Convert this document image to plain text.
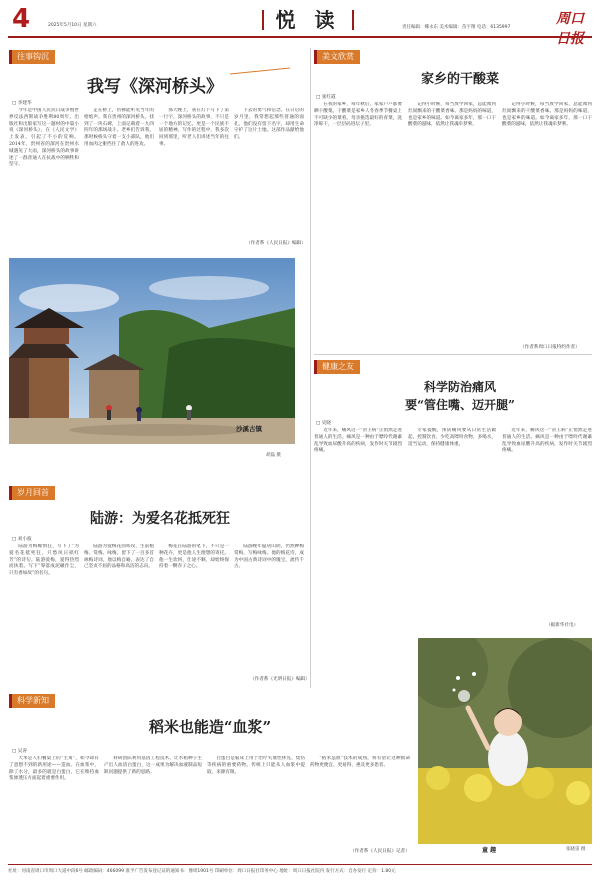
4	2025年5月10日 星期六	悦 读	责任编辑：娜永东 美术编辑：苗宇翔 电话：6135997
周口日报
往事钩沉
我写《深河桥头》
□ 李建华

今年是中国人民抗日战争暨世界反法西斯战争胜利80周年。出版社和出版家写这一题材的中篇小说《深河桥头》，在《人民文学》上发表，引起了不小的反响。2014年，贵州省的深河在贵州水城遇见了大雨，深河桥头的故事讲述了一群普通人在抗战中的牺牲和坚守。

走在桥上，仿佛能听见当年的枪炮声。我在贵州的深河桥头，找到了一块石碑，上面记载着一九四四年的那场战斗。老乡们告诉我，那时候桥头守着一支小部队，他们用血肉之躯挡住了敌人的进攻。

那天晚上，我在灯下写下了第一行字。深河桥头的故事，不只是一个地方的记忆，更是一个民族不屈的精神。写作的过程中，我多次回到那里，听老人们讲述当年的往事。

下去的勇气和信念。在日后的岁月里，我常想起那些普通的面孔，他们没有留下名字，却用生命守护了这片土地。这部作品献给他们。

（作者系《人民日报》编辑）
沙溪古镇
胡磊 摄
岁月回首
陆游：为爱名花抵死狂
□ 刘小波

陆游为梅痴情狂，写下了“为爱名花抵死狂，只愁风日损红芳”的诗句。陆游爱梅，爱得热烈而执着。写下“零落成泥碾作尘，只有香如故”的名句。

陆游为爱梅花而嗟叹，生前植梅、赏梅、咏梅，留下了一百多首咏梅诗词。他以梅自喻，表达了自己坚贞不屈的品格和高洁的志向。

梅花在陆游的笔下，不只是一种花卉，更是他人生理想的寄托。他一生坎坷，仕途不顺，却始终保持着一颗赤子之心。

陆游晚年隐居山阴，仍然种梅赏梅，写梅咏梅。他的梅花诗，成为中国古典诗词中的瑰宝，流传千古。

（作者系《光明日报》编辑）
科学新知
稻米也能造“血浆”
□ 吴涛

大米是人们餐桌上的“主角”，如今却有了意想不到的新用途——造血。在血浆中，除了水分，最多的就是白蛋白，它在维持血浆渗透压方面起着重要作用。

科研团队利用基因工程技术，让水稻种子生产出人血清白蛋白，这一成果为解决血液制品短缺问题提供了新的思路。

白蛋白是临床上用于治疗失血性休克、烧伤等疾病的重要药物。传统上只能从人血浆中提取，来源有限。

“稻米造血”技术的成熟，将有望让这种救命药物更便宜、更易得，惠及更多患者。

（作者系《人民日报》记者）
美文欣赏
家乡的干酸菜
□ 张红霞

在我的家乡，每年秋后，家家户户都要晒干酸菜。干酸菜是家乡人冬春季节餐桌上不可缺少的菜肴。母亲挑选最好的青菜，洗净晾干，一层层码进坛子里。

记得小时候，每当放学回家，总能闻到灶间飘来的干酸菜香味。那是妈妈的味道，也是家乡的味道。如今离家多年，那一口干酸菜的滋味，依然让我魂牵梦萦。

记得小时候，每当放学回家，总能闻到灶间飘来的干酸菜香味。那是妈妈的味道，也是家乡的味道。如今离家多年，那一口干酸菜的滋味，依然让我魂牵梦萦。

（作者系周口日报特约作者）
健康之友
科学防治痛风
要“管住嘴、迈开腿”
□ 史晓

近年来，痛风这一“帝王病”正悄然走进普通人的生活。痛风是一种由于嘌呤代谢紊乱导致血尿酸升高的疾病，发作时关节剧烈疼痛。

专家提醒，预防痛风要从日常生活做起，控制饮食，少吃高嘌呤食物，多喝水，适当运动，保持健康体重。

近年来，痛风这一“帝王病”正悄然走进普通人的生活。痛风是一种由于嘌呤代谢紊乱导致血尿酸升高的疾病，发作时关节剧烈疼痛。

（据新华社电）
童 趣	张晓雷 摄
社址：河南省周口市周口大道中段6号 邮政编码：466099 准予广告发布登记证的通知书：豫周1901号 印刷单位：周口日报社印务中心 地址：周口日报社院内 发行方式：自办发行 定价：1.80元
